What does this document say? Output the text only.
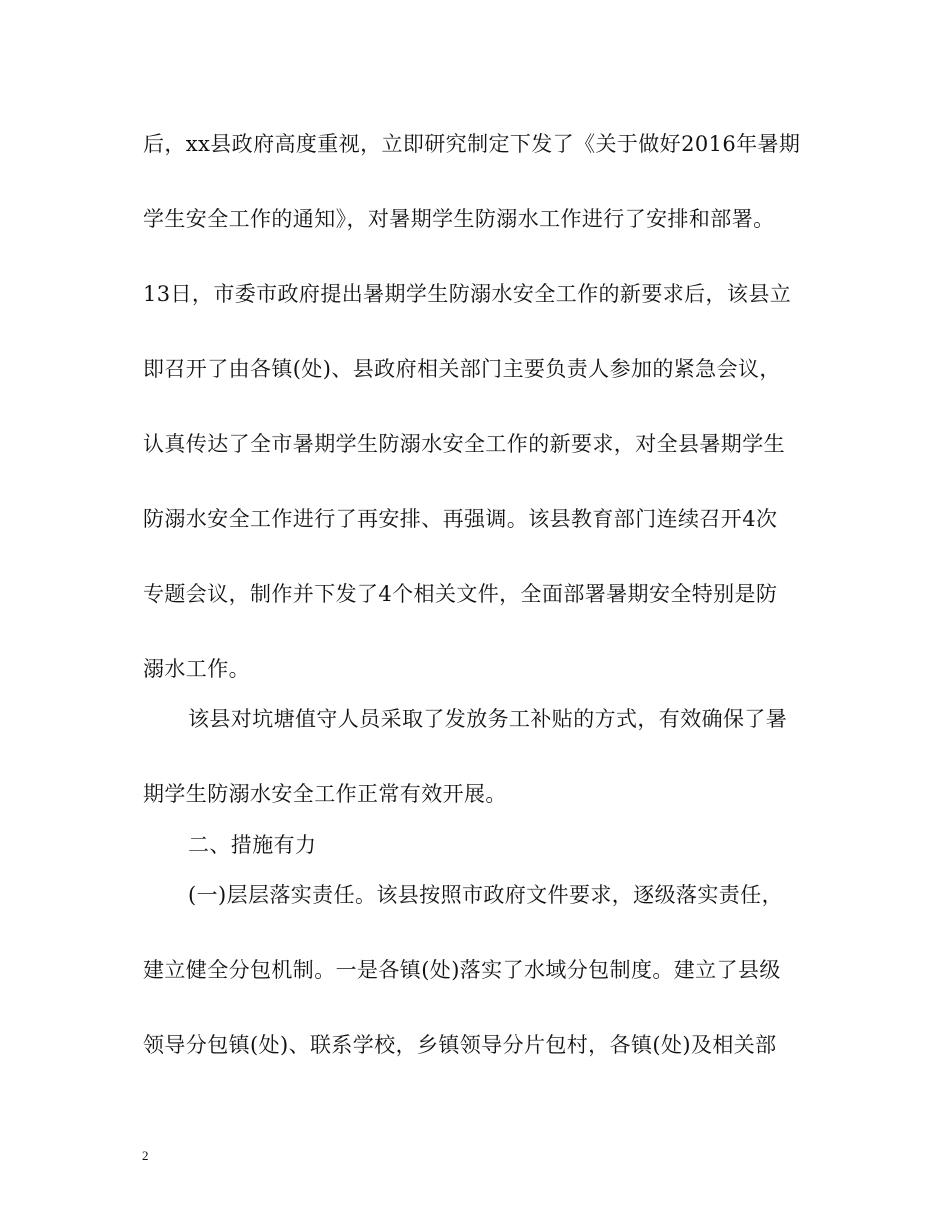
后，xx县政府高度重视，立即研究制定下发了《关于做好2016年暑期
学生安全工作的通知》，对暑期学生防溺水工作进行了安排和部署。
13日，市委市政府提出暑期学生防溺水安全工作的新要求后，该县立
即召开了由各镇(处)、县政府相关部门主要负责人参加的紧急会议，
认真传达了全市暑期学生防溺水安全工作的新要求，对全县暑期学生
防溺水安全工作进行了再安排、再强调。该县教育部门连续召开4次
专题会议，制作并下发了4个相关文件，全面部署暑期安全特别是防
溺水工作。
该县对坑塘值守人员采取了发放务工补贴的方式，有效确保了暑
期学生防溺水安全工作正常有效开展。
二、措施有力
(一)层层落实责任。该县按照市政府文件要求，逐级落实责任，
建立健全分包机制。一是各镇(处)落实了水域分包制度。建立了县级
领导分包镇(处)、联系学校，乡镇领导分片包村，各镇(处)及相关部
2
